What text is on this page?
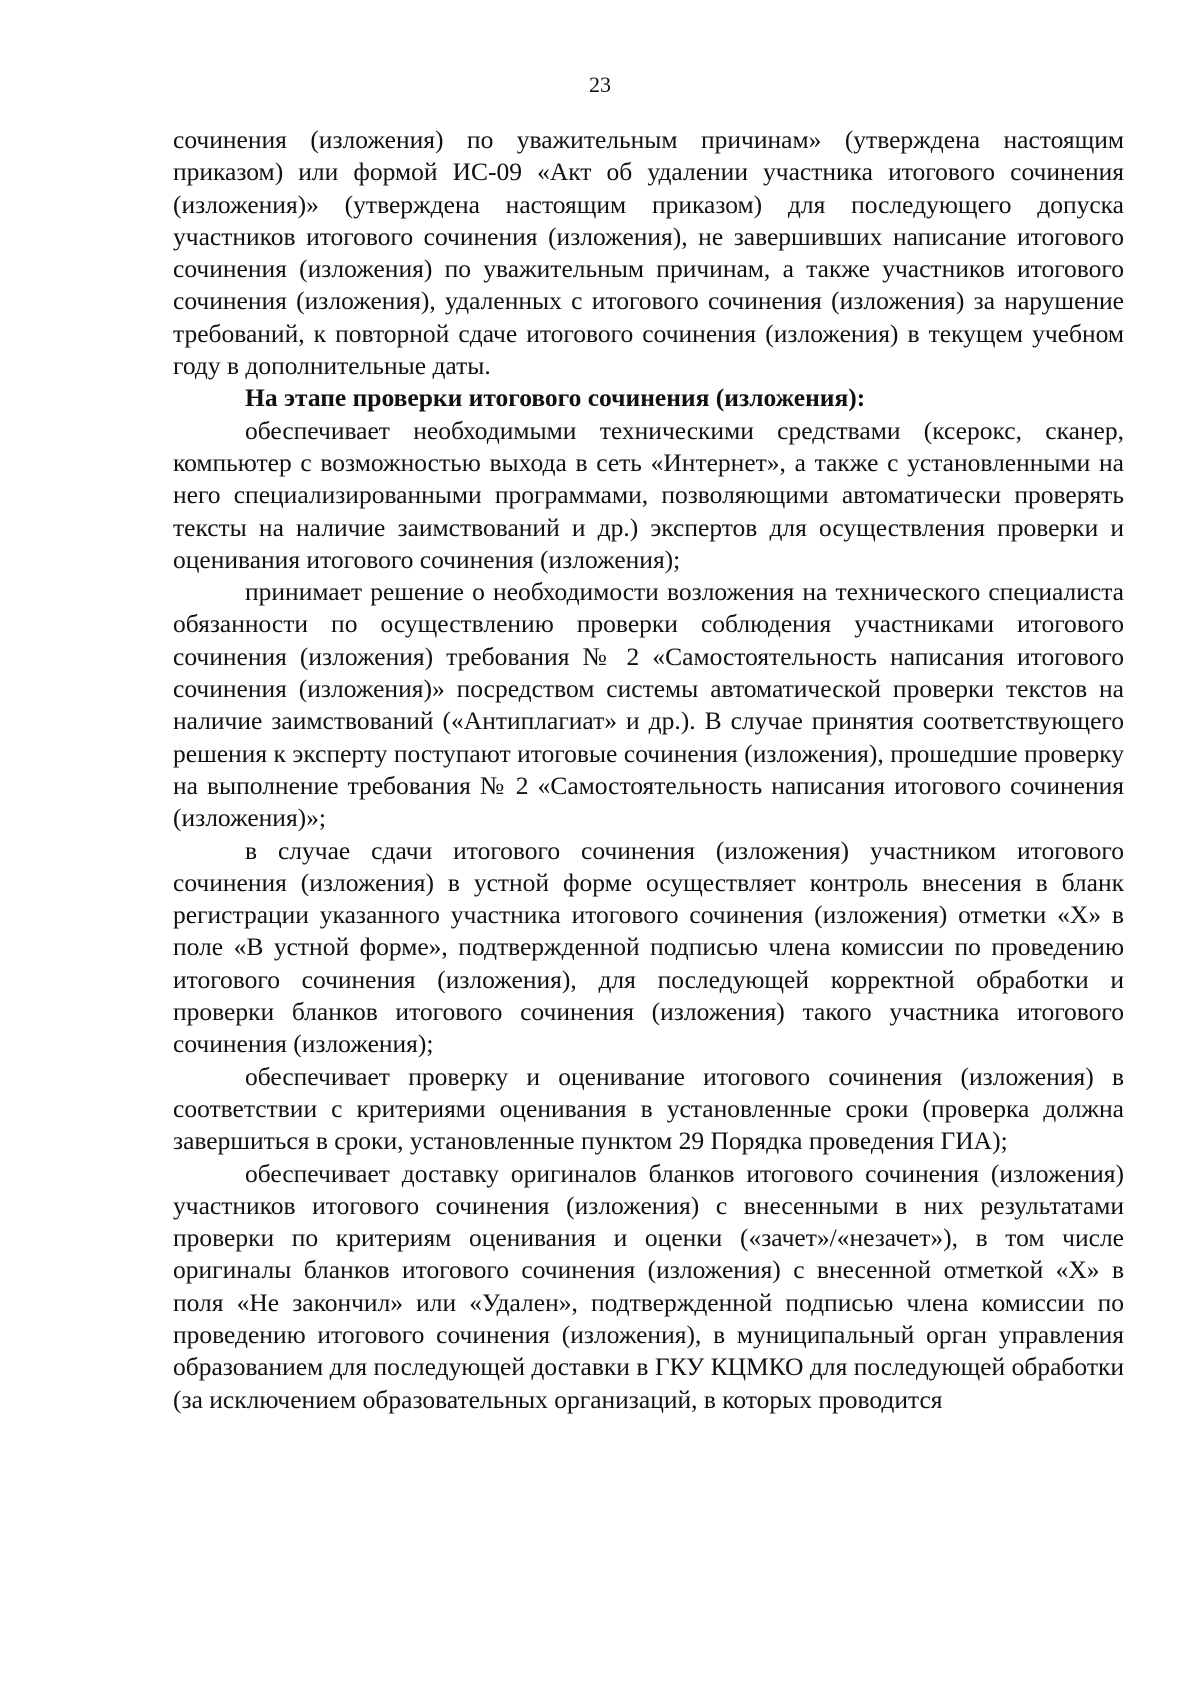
23

сочинения (изложения) по уважительным причинам» (утверждена настоящим приказом) или формой ИС-09 «Акт об удалении участника итогового сочинения (изложения)» (утверждена настоящим приказом) для последующего допуска участников итогового сочинения (изложения), не завершивших написание итогового сочинения (изложения) по уважительным причинам, а также участников итогового сочинения (изложения), удаленных с итогового сочинения (изложения) за нарушение требований, к повторной сдаче итогового сочинения (изложения) в текущем учебном году в дополнительные даты.

На этапе проверки итогового сочинения (изложения):

обеспечивает необходимыми техническими средствами (ксерокс, сканер, компьютер с возможностью выхода в сеть «Интернет», а также с установленными на него специализированными программами, позволяющими автоматически проверять тексты на наличие заимствований и др.) экспертов для осуществления проверки и оценивания итогового сочинения (изложения);

принимает решение о необходимости возложения на технического специалиста обязанности по осуществлению проверки соблюдения участниками итогового сочинения (изложения) требования № 2 «Самостоятельность написания итогового сочинения (изложения)» посредством системы автоматической проверки текстов на наличие заимствований («Антиплагиат» и др.). В случае принятия соответствующего решения к эксперту поступают итоговые сочинения (изложения), прошедшие проверку на выполнение требования № 2 «Самостоятельность написания итогового сочинения (изложения)»;

в случае сдачи итогового сочинения (изложения) участником итогового сочинения (изложения) в устной форме осуществляет контроль внесения в бланк регистрации указанного участника итогового сочинения (изложения) отметки «Х» в поле «В устной форме», подтвержденной подписью члена комиссии по проведению итогового сочинения (изложения), для последующей корректной обработки и проверки бланков итогового сочинения (изложения) такого участника итогового сочинения (изложения);

обеспечивает проверку и оценивание итогового сочинения (изложения) в соответствии с критериями оценивания в установленные сроки (проверка должна завершиться в сроки, установленные пунктом 29 Порядка проведения ГИА);

обеспечивает доставку оригиналов бланков итогового сочинения (изложения) участников итогового сочинения (изложения) с внесенными в них результатами проверки по критериям оценивания и оценки («зачет»/«незачет»), в том числе оригиналы бланков итогового сочинения (изложения) с внесенной отметкой «Х» в поля «Не закончил» или «Удален», подтвержденной подписью члена комиссии по проведению итогового сочинения (изложения), в муниципальный орган управления образованием для последующей доставки в ГКУ КЦМКО для последующей обработки (за исключением образовательных организаций, в которых проводится
